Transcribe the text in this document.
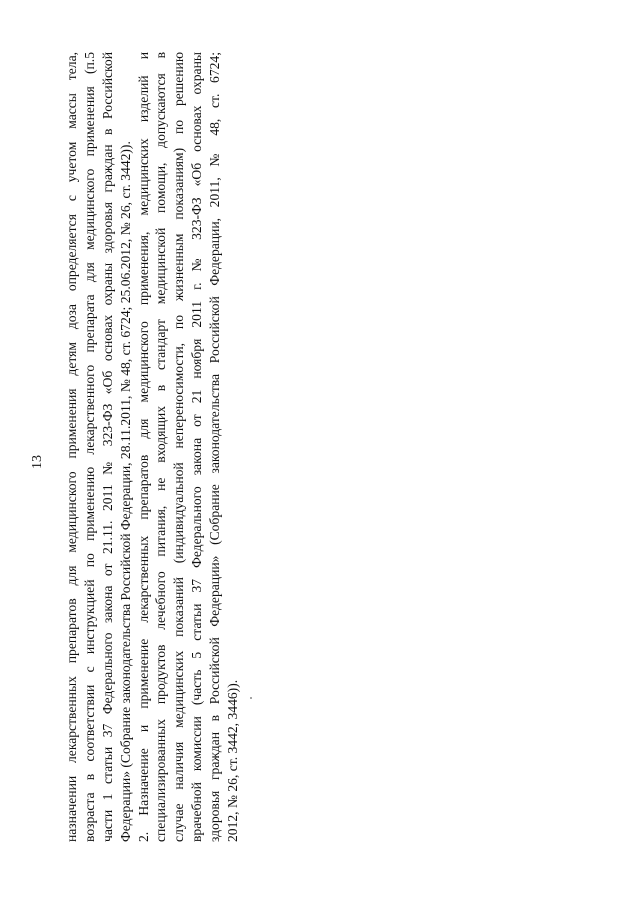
13 назначении лекарственных препаратов для медицинского применения детям доза определяется с учетом массы тела, возраста в соответствии с инструкцией по применению лекарственного препарата для медицинского применения (п.5 части 1 статьи 37 Федерального закона от 21.11. 2011 № 323-ФЗ «Об основах охраны здоровья граждан в Российской Федерации» (Собрание законодательства Российской Федерации, 28.11.2011, № 48, ст. 6724; 25.06.2012, № 26, ст. 3442)). 2. Назначение и применение лекарственных препаратов для медицинского применения, медицинских изделий и специализированных продуктов лечебного питания, не входящих в стандарт медицинской помощи, допускаются в случае наличия медицинских показаний (индивидуальной непереносимости, по жизненным показаниям) по решению врачебной комиссии (часть 5 статьи 37 Федерального закона от 21 ноября 2011 г. № 323-ФЗ «Об основах охраны здоровья граждан в Российской Федерации» (Собрание законодательства Российской Федерации, 2011, № 48, ст. 6724; 2012, № 26, ст. 3442, 3446)).
